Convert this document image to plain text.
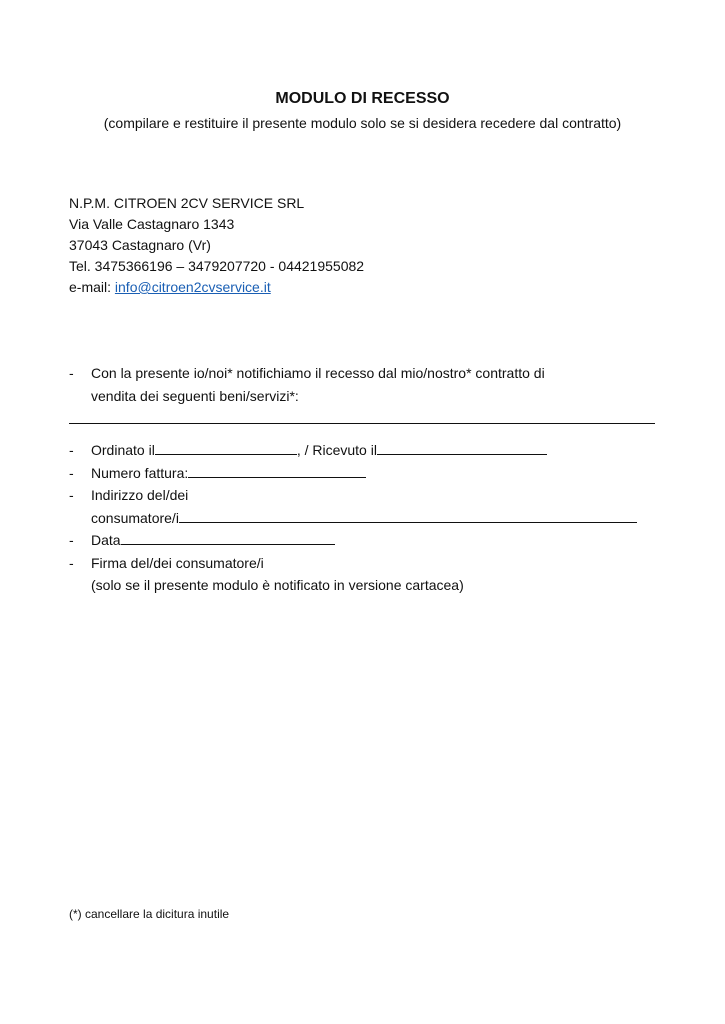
MODULO DI RECESSO
(compilare e restituire il presente modulo solo se si desidera recedere dal contratto)
N.P.M. CITROEN 2CV SERVICE SRL
Via Valle Castagnaro 1343
37043 Castagnaro (Vr)
Tel. 3475366196 – 3479207720 - 04421955082
e-mail: info@citroen2cvservice.it
- Con la presente io/noi* notifichiamo il recesso dal mio/nostro* contratto di
vendita dei seguenti beni/servizi*:
- Ordinato il	, / Ricevuto il
- Numero fattura:
- Indirizzo del/dei
consumatore/i
- Data
- Firma del/dei consumatore/i
(solo se il presente modulo è notificato in versione cartacea)
(*) cancellare la dicitura inutile
